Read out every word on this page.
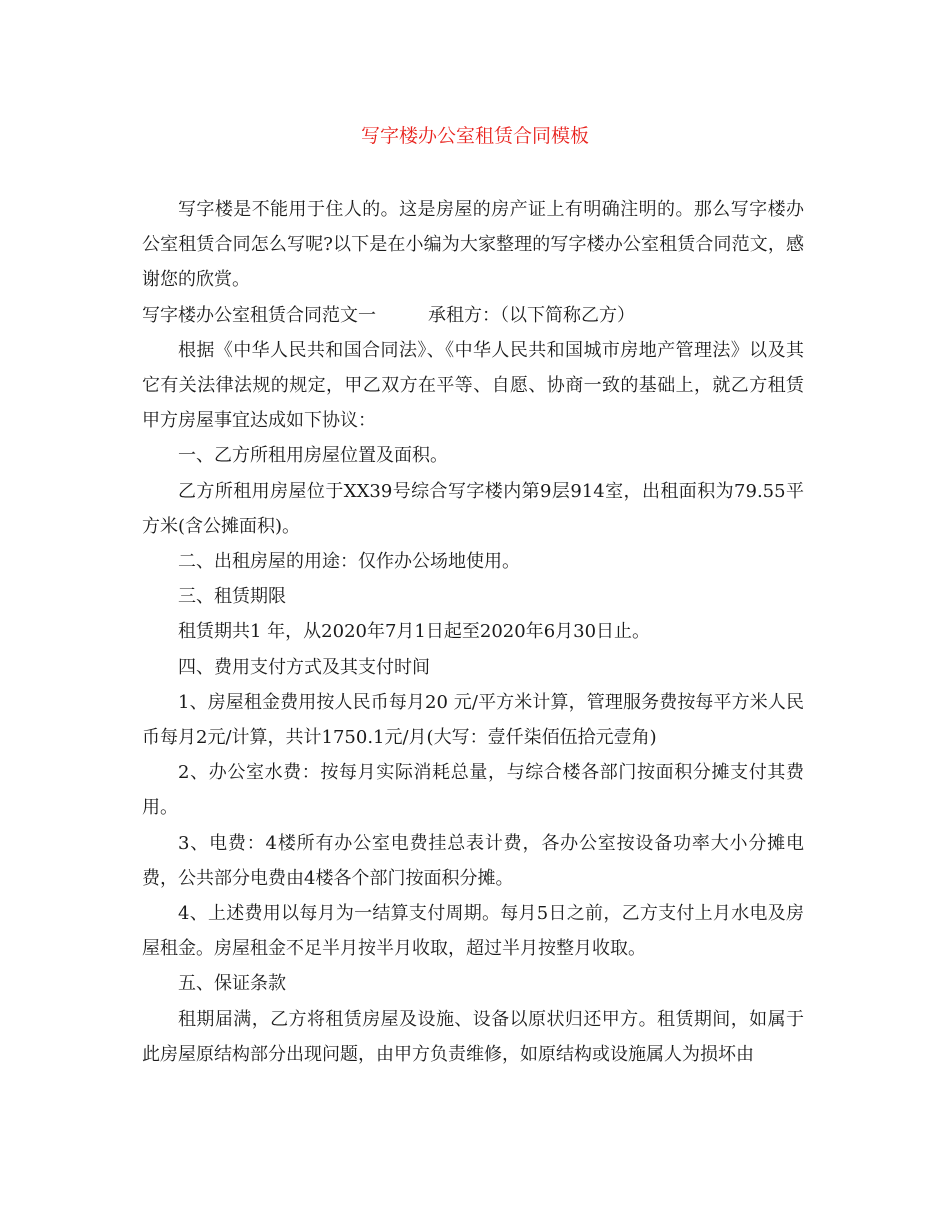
写字楼办公室租赁合同模板

写字楼是不能用于住人的。这是房屋的房产证上有明确注明的。那么写字楼办公室租赁合同怎么写呢?以下是在小编为大家整理的写字楼办公室租赁合同范文，感谢您的欣赏。

写字楼办公室租赁合同范文一	承租方：（以下简称乙方）

根据《中华人民共和国合同法》、《中华人民共和国城市房地产管理法》以及其它有关法律法规的规定，甲乙双方在平等、自愿、协商一致的基础上，就乙方租赁甲方房屋事宜达成如下协议：

一、乙方所租用房屋位置及面积。

乙方所租用房屋位于XX39号综合写字楼内第9层914室，出租面积为79.55平方米(含公摊面积)。

二、出租房屋的用途：仅作办公场地使用。

三、租赁期限

租赁期共1 年，从2020年7月1日起至2020年6月30日止。

四、费用支付方式及其支付时间

1、房屋租金费用按人民币每月20 元/平方米计算，管理服务费按每平方米人民币每月2元/计算，共计1750.1元/月(大写：壹仟柒佰伍拾元壹角)

2、办公室水费：按每月实际消耗总量，与综合楼各部门按面积分摊支付其费用。

3、电费：4楼所有办公室电费挂总表计费，各办公室按设备功率大小分摊电费，公共部分电费由4楼各个部门按面积分摊。

4、上述费用以每月为一结算支付周期。每月5日之前，乙方支付上月水电及房屋租金。房屋租金不足半月按半月收取，超过半月按整月收取。

五、保证条款

租期届满，乙方将租赁房屋及设施、设备以原状归还甲方。租赁期间，如属于此房屋原结构部分出现问题，由甲方负责维修，如原结构或设施属人为损坏由
